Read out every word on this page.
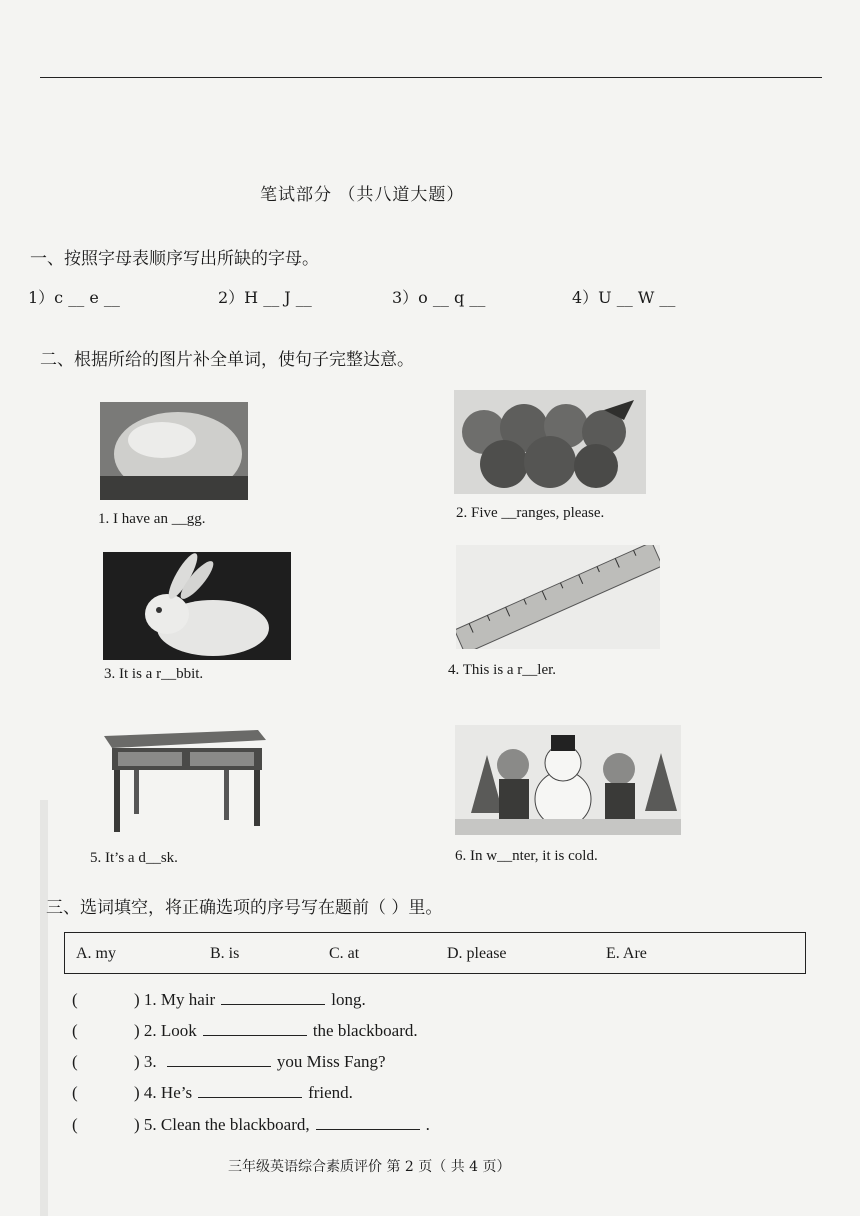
笔试部分 （共八道大题）
一、按照字母表顺序写出所缺的字母。
1）c __ e __	2）H __ J __	3）o __ q __	4）U __ W __
二、根据所给的图片补全单词，使句子完整达意。
1. I have an __gg.	2. Five __ranges, please.
3. It is a r__bbit.	4. This is a r__ler.
5. It’s a d__sk.	6. In w__nter, it is cold.
三、选词填空，将正确选项的序号写在题前（ ）里。
A. my	B. is	C. at	D. please	E. Are
(	) 1. My hair	long.
(	) 2. Look	the blackboard.
(	) 3.	you Miss Fang?
(	) 4. He’s	friend.
(	) 5. Clean the blackboard,	.
三年级英语综合素质评价 第 2 页（ 共 4 页）
